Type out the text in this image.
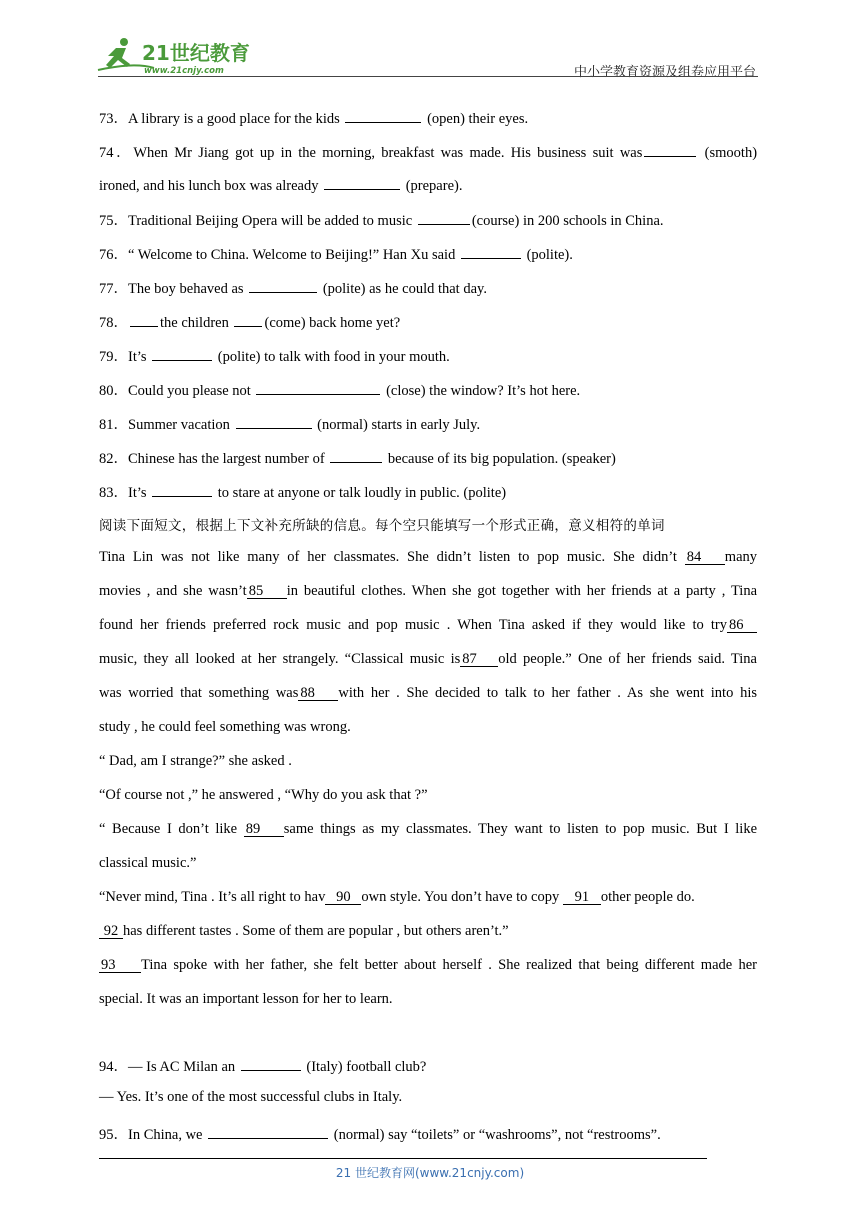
21世纪教育
www.21cnjy.com	中小学教育资源及组卷应用平台
73．A library is a good place for the kids	(open) their eyes.
74．When Mr Jiang got up in the morning, breakfast was made. His business suit was	(smooth)
ironed, and his lunch box was already	(prepare).
75．Traditional Beijing Opera will be added to music	(course) in 200 schools in China.
76．“ Welcome to China. Welcome to Beijing!” Han Xu said	(polite).
77．The boy behaved as	(polite) as he could that day.
78． the children (come) back home yet?
79．It’s	(polite) to talk with food in your mouth.
80．Could you please not	(close) the window? It’s hot here.
81．Summer vacation	(normal) starts in early July.
82．Chinese has the largest number of	because of its big population. (speaker)
83．It’s	to stare at anyone or talk loudly in public. (polite)
阅读下面短文，根据上下文补充所缺的信息。每个空只能填写一个形式正确，意义相符的单词
Tina Lin was not like many of her classmates. She didn’t listen to pop music. She didn’t 84 many
movies , and she wasn’t 85 in beautiful clothes. When she got together with her friends at a party , Tina
found her friends preferred rock music and pop music . When Tina asked if they would like to try 86
music, they all looked at her strangely. “Classical music is 87 old people.” One of her friends said. Tina
was worried that something was 88 with her . She decided to talk to her father . As she went into his
study , he could feel something was wrong.
“ Dad, am I strange?” she asked .
“Of course not ,” he answered , “Why do you ask that ?”
“ Because I don’t like 89 same things as my classmates. They want to listen to pop music. But I like
classical music.”
“Never mind, Tina . It’s all right to hav 90 own style. You don’t have to copy 91 other people do.
92 has different tastes . Some of them are popular , but others aren’t.”
93 Tina spoke with her father, she felt better about herself . She realized that being different made her
special. It was an important lesson for her to learn.
94．— Is AC Milan an	(Italy) football club?
— Yes. It’s one of the most successful clubs in Italy.
95．In China, we	(normal) say “toilets” or “washrooms”, not “restrooms”.
21 世纪教育网(www.21cnjy.com)
